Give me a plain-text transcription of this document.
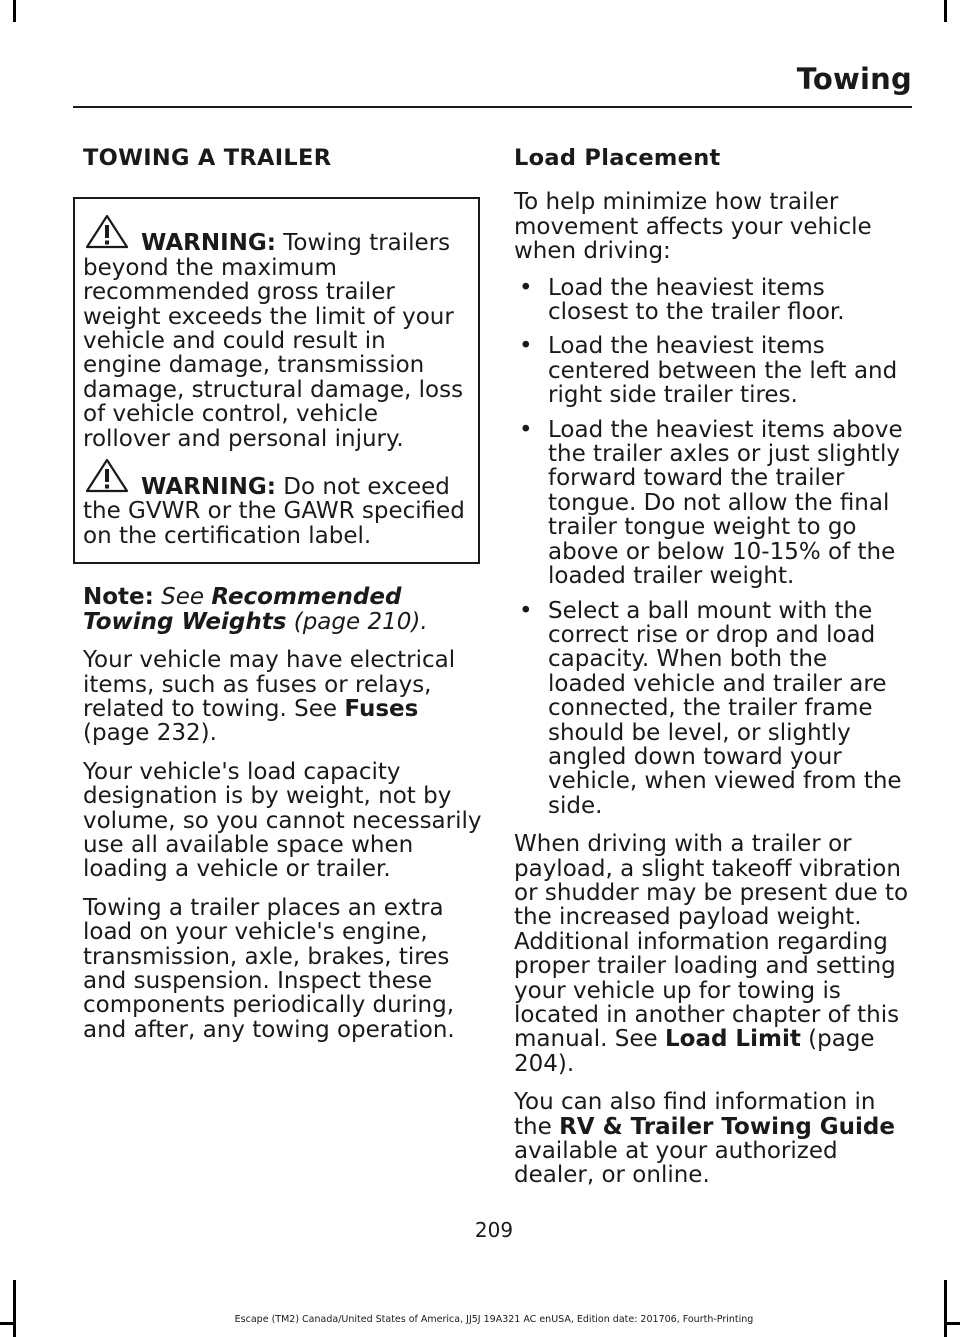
Towing
TOWING A TRAILER

WARNING: Towing trailers beyond the maximum recommended gross trailer weight exceeds the limit of your vehicle and could result in engine damage, transmission damage, structural damage, loss of vehicle control, vehicle rollover and personal injury.

WARNING: Do not exceed the GVWR or the GAWR specified on the certification label.

Note: See Recommended Towing Weights (page 210).

Your vehicle may have electrical items, such as fuses or relays, related to towing. See Fuses (page 232).

Your vehicle's load capacity designation is by weight, not by volume, so you cannot necessarily use all available space when loading a vehicle or trailer.

Towing a trailer places an extra load on your vehicle's engine, transmission, axle, brakes, tires and suspension. Inspect these components periodically during, and after, any towing operation.

Load Placement

To help minimize how trailer movement affects your vehicle when driving:

• Load the heaviest items closest to the trailer floor.
• Load the heaviest items centered between the left and right side trailer tires.
• Load the heaviest items above the trailer axles or just slightly forward toward the trailer tongue. Do not allow the final trailer tongue weight to go above or below 10-15% of the loaded trailer weight.
• Select a ball mount with the correct rise or drop and load capacity. When both the loaded vehicle and trailer are connected, the trailer frame should be level, or slightly angled down toward your vehicle, when viewed from the side.

When driving with a trailer or payload, a slight takeoff vibration or shudder may be present due to the increased payload weight. Additional information regarding proper trailer loading and setting your vehicle up for towing is located in another chapter of this manual. See Load Limit (page 204).

You can also find information in the RV & Trailer Towing Guide available at your authorized dealer, or online.

209
Escape (TM2) Canada/United States of America, JJ5J 19A321 AC enUSA, Edition date: 201706, Fourth-Printing
